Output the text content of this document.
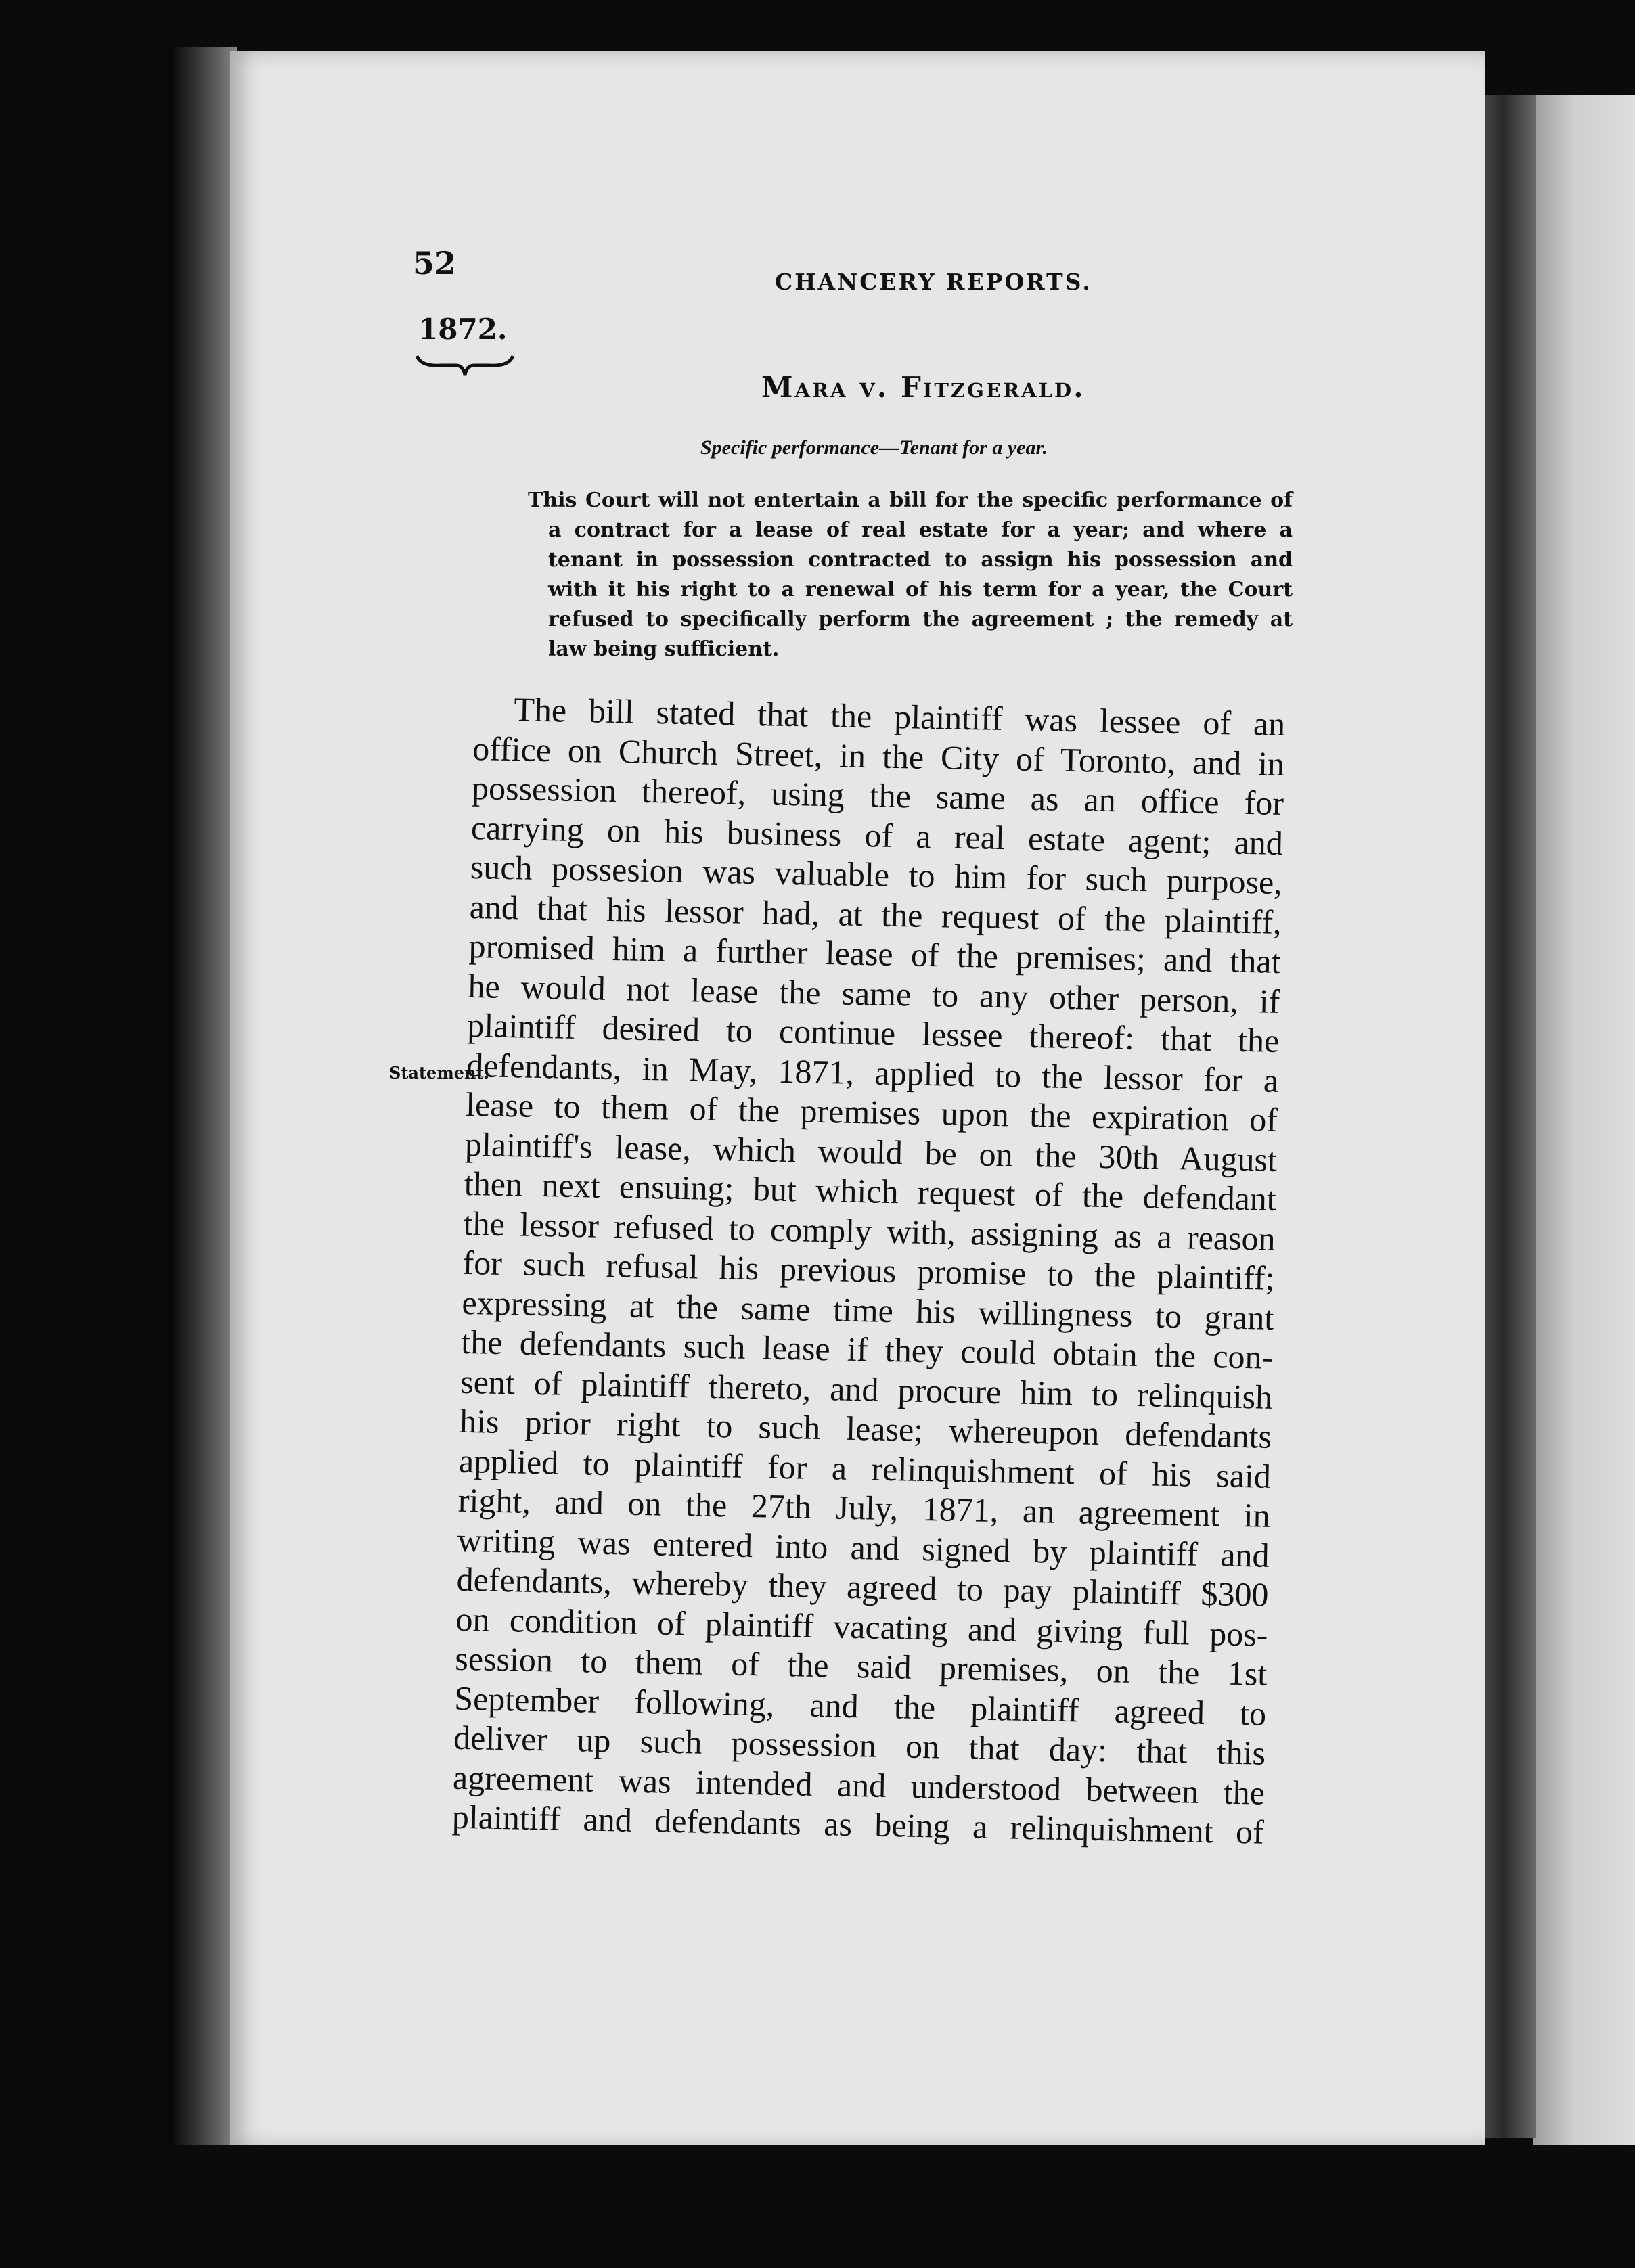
52
CHANCERY REPORTS.
1872.
Mara v. Fitzgerald.
Specific performance—Tenant for a year.

This Court will not entertain a bill for the specific performance of a contract for a lease of real estate for a year; and where a tenant in possession contracted to assign his possession and with it his right to a renewal of his term for a year, the Court refused to specifically perform the agreement ; the remedy at law being sufficient.

Statement.
The bill stated that the plaintiff was lessee of an
office on Church Street, in the City of Toronto, and in
possession thereof, using the same as an office for
carrying on his business of a real estate agent; and
such possesion was valuable to him for such purpose,
and that his lessor had, at the request of the plaintiff,
promised him a further lease of the premises; and that
he would not lease the same to any other person, if
plaintiff desired to continue lessee thereof: that the
defendants, in May, 1871, applied to the lessor for a
lease to them of the premises upon the expiration of
plaintiff's lease, which would be on the 30th August
then next ensuing; but which request of the defendant
the lessor refused to comply with, assigning as a reason
for such refusal his previous promise to the plaintiff;
expressing at the same time his willingness to grant
the defendants such lease if they could obtain the con-
sent of plaintiff thereto, and procure him to relinquish
his prior right to such lease; whereupon defendants
applied to plaintiff for a relinquishment of his said
right, and on the 27th July, 1871, an agreement in
writing was entered into and signed by plaintiff and
defendants, whereby they agreed to pay plaintiff $300
on condition of plaintiff vacating and giving full pos-
session to them of the said premises, on the 1st
September following, and the plaintiff agreed to
deliver up such possession on that day: that this
agreement was intended and understood between the
plaintiff and defendants as being a relinquishment of
